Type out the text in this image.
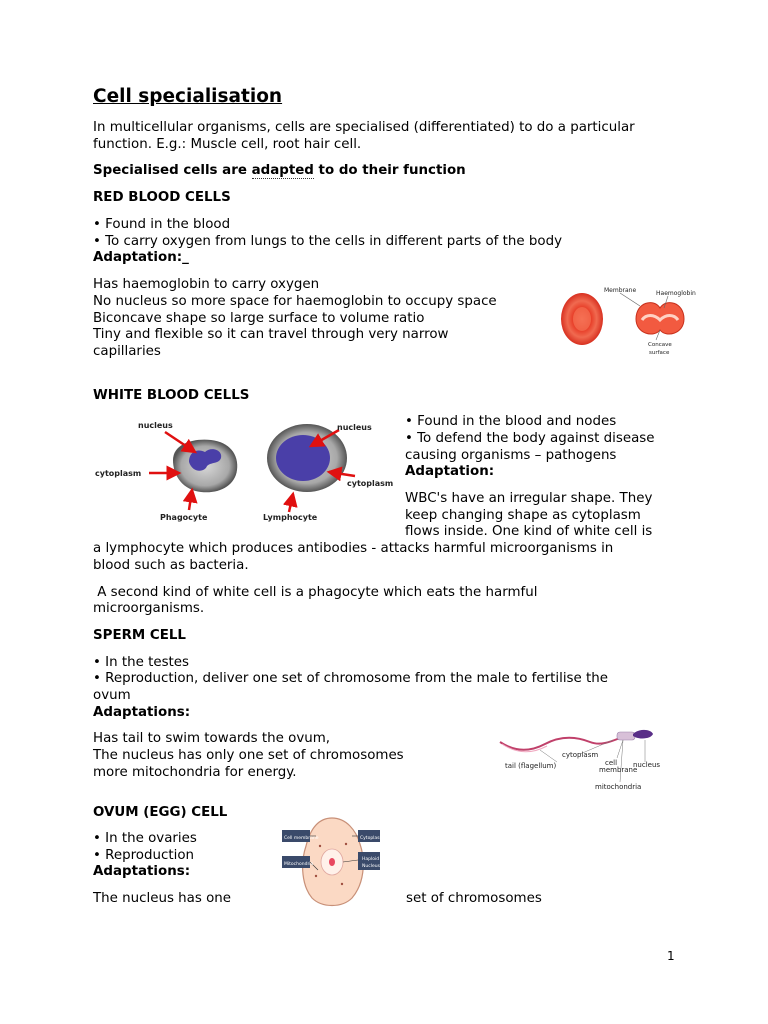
Cell specialisation
In multicellular organisms, cells are specialised (differentiated) to do a particular
function. E.g.: Muscle cell, root hair cell.
Specialised cells are adapted to do their function
RED BLOOD CELLS
• Found in the blood
• To carry oxygen from lungs to the cells in different parts of the body
Adaptation:_
Has haemoglobin to carry oxygen
No nucleus so more space for haemoglobin to occupy space
Biconcave shape so large surface to volume ratio
Tiny and flexible so it can travel through very narrow
capillaries
Membrane	Haemoglobin
Concave
surface
WHITE BLOOD CELLS
nucleus
cytoplasm
Phagocyte
nucleus
cytoplasm
Lymphocyte
• Found in the blood and nodes
• To defend the body against disease
causing organisms – pathogens
Adaptation:
WBC's have an irregular shape. They
keep changing shape as cytoplasm
flows inside. One kind of white cell is
a lymphocyte which produces antibodies - attacks harmful microorganisms in
blood such as bacteria.
A second kind of white cell is a phagocyte which eats the harmful
microorganisms.
SPERM CELL
• In the testes
• Reproduction, deliver one set of chromosome from the male to fertilise the
ovum
Adaptations:
Has tail to swim towards the ovum,
The nucleus has only one set of chromosomes
more mitochondria for energy.
cytoplasm
cell
membrane
nucleus
tail (flagellum)
mitochondria
OVUM (EGG) CELL
• In the ovaries
• Reproduction
Adaptations:
The nucleus has one	set of chromosomes
Cell membrane
Mitochondria
Cytoplasm
Haploid
Nucleus
1
